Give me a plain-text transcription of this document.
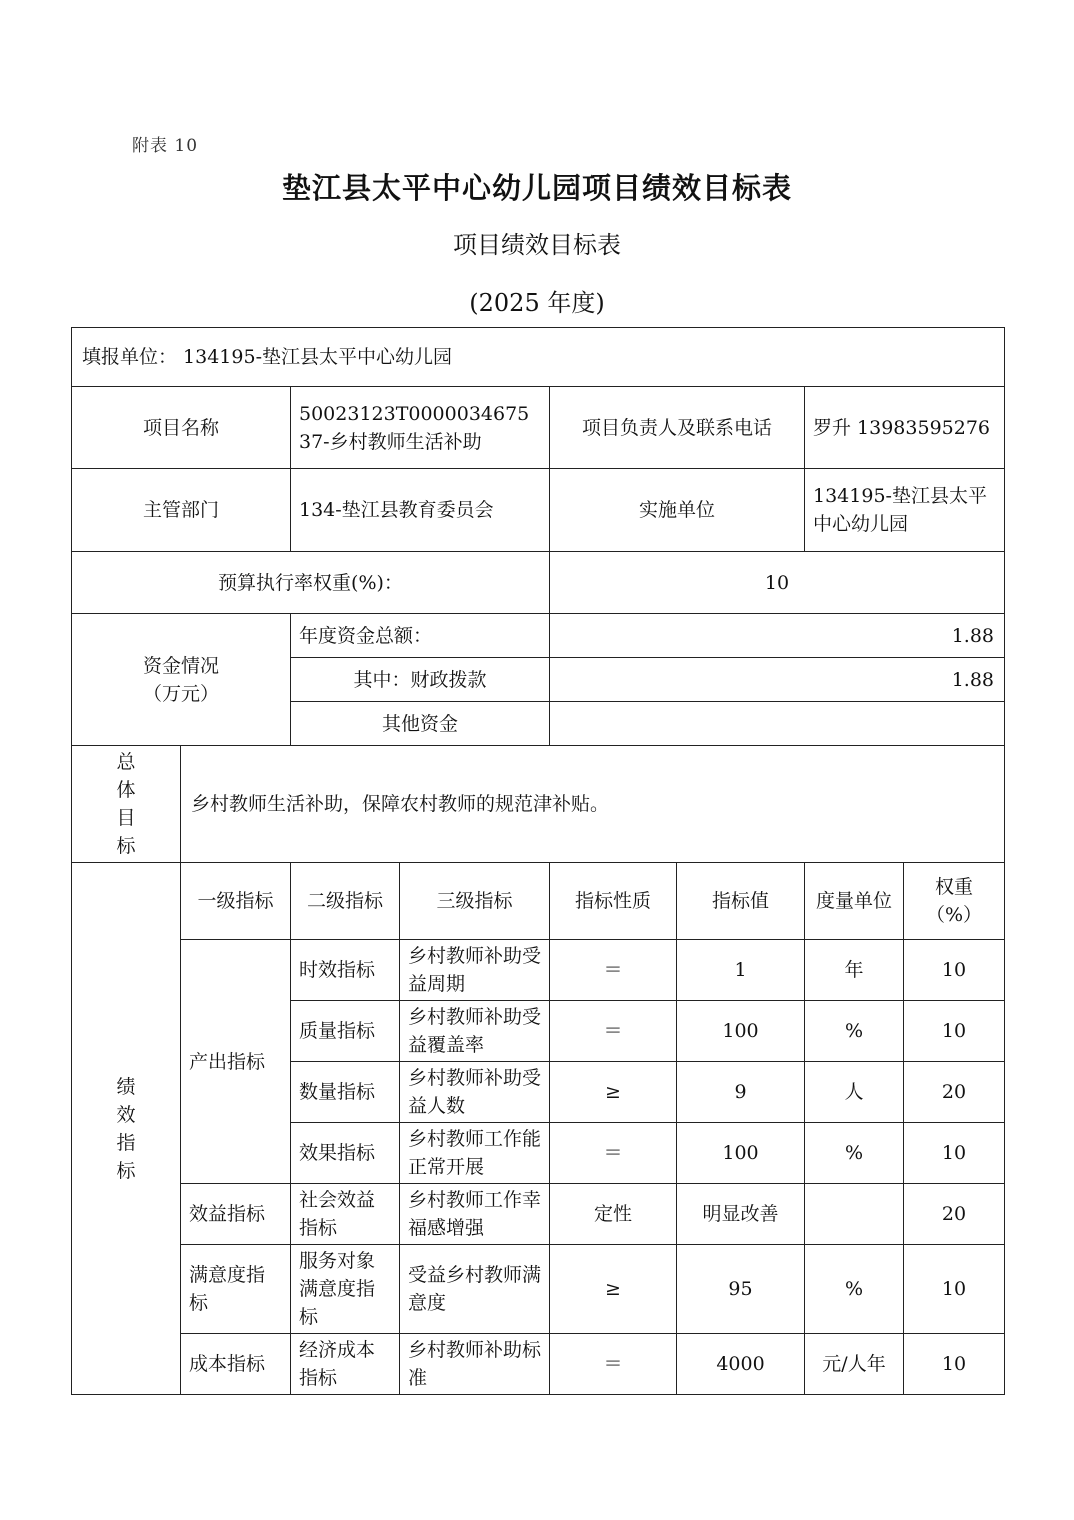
附表 10
垫江县太平中心幼儿园项目绩效目标表
项目绩效目标表
(2025 年度)
填报单位： 134195-垫江县太平中心幼儿园							
项目名称		50023123T000003467537-乡村教师生活补助		项目负责人及联系电话		罗升 13983595276	
主管部门		134-垫江县教育委员会		实施单位		134195-垫江县太平中心幼儿园	
预算执行率权重(%)：				10			

资金情况
（万元）		年度资金总额：		1.88			
		其中：财政拨款		1.88			
		其他资金					

总
体
目
标	乡村教师生活补助，保障农村教师的规范津补贴。						

绩
效
指
标	一级指标	二级指标	三级指标	指标性质	指标值	度量单位	权重（%）
	产出指标	时效指标	乡村教师补助受益周期	＝	1	年	10
		质量指标	乡村教师补助受益覆盖率	＝	100	%	10
		数量指标	乡村教师补助受益人数	≥	9	人	20
		效果指标	乡村教师工作能正常开展	＝	100	%	10
	效益指标	社会效益指标	乡村教师工作幸福感增强	定性	明显改善		20
	满意度指标	服务对象满意度指标	受益乡村教师满意度	≥	95	%	10
	成本指标	经济成本指标	乡村教师补助标准	＝	4000	元/人年	10
